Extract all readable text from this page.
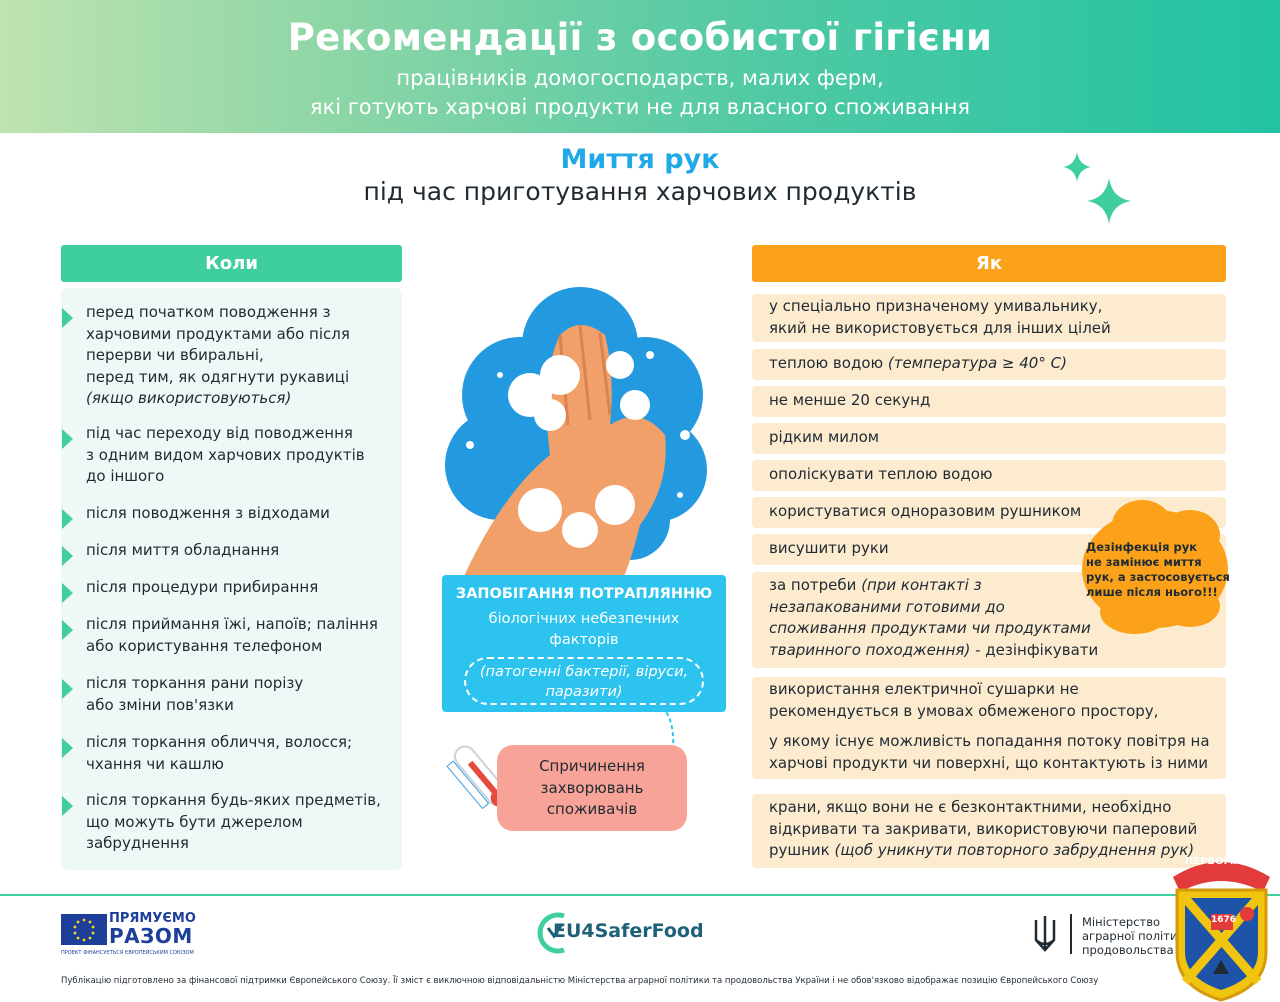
Рекомендації з особистої гігієни
працівників домогосподарств, малих ферм,
які готують харчові продукти не для власного споживання
Миття рук
під час приготування харчових продуктів
Коли
перед початком поводження з
харчовими продуктами або після
перерви чи вбиральні,
перед тим, як одягнути рукавиці
(якщо використовуються)
під час переходу від поводження
з одним видом харчових продуктів
до іншого
після поводження з відходами
після миття обладнання
після процедури прибирання
після приймання їжі, напоїв; паління
або користування телефоном
після торкання рани порізу
або зміни пов'язки
після торкання обличчя, волосся;
чхання чи кашлю
після торкання будь-яких предметів,
що можуть бути джерелом
забруднення
ЗАПОБІГАННЯ ПОТРАПЛЯННЮ
біологічних небезпечних
факторів
(патогенні бактерії, віруси,
паразити)
Спричинення
захворювань
споживачів
Як
у спеціально призначеному умивальнику,
який не використовується для інших цілей
теплою водою (температура ≥ 40° С)
не менше 20 секунд
рідким милом
ополіскувати теплою водою
користуватися одноразовим рушником
висушити руки
за потреби (при контакті з
незапакованими готовими до
споживання продуктами чи продуктами
тваринного походження) - дезінфікувати
використання електричної сушарки не
рекомендується в умовах обмеженого простору,
у якому існує можливість попадання потоку повітря на
харчові продукти чи поверхні, що контактують із ними
крани, якщо вони не є безконтактними, необхідно
відкривати та закривати, використовуючи паперовий
рушник (щоб уникнути повторного забруднення рук)
Дезінфекція рук
не замінює миття
рук, а застосовується
лише після нього!!!
ПРЯМУЄМО
РАЗОМ
ПРОЕКТ ФІНАНСУЄТЬСЯ ЄВРОПЕЙСЬКИМ СОЮЗОМ
EU4SaferFood	Міністерство
аграрної політи
продовольства
ПЕРВОМАЙСЬК
1676
Публікацію підготовлено за фінансової підтримки Європейського Союзу. Її зміст є виключною відповідальністю Міністерства аграрної політики та продовольства України і не обов'язково відображає позицію Європейського Союзу
